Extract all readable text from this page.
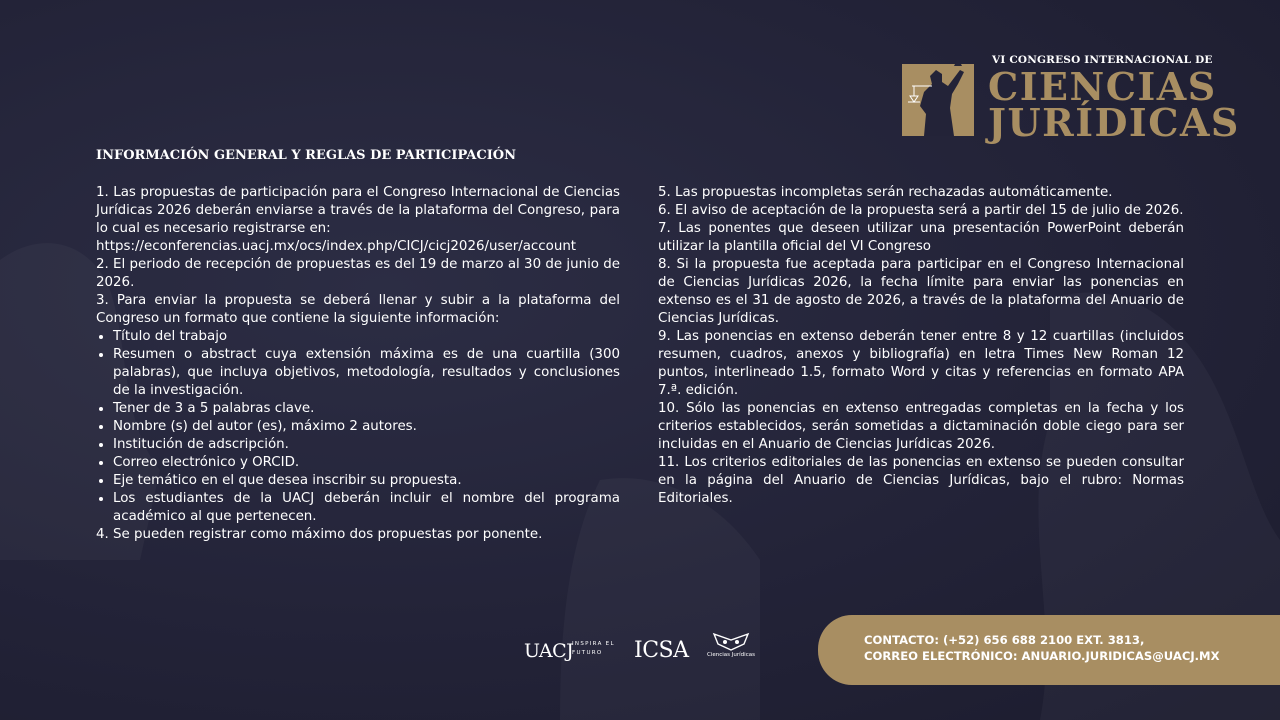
VI CONGRESO INTERNACIONAL DE
CIENCIAS
JURÍDICAS
INFORMACIÓN GENERAL Y REGLAS DE PARTICIPACIÓN

1. Las propuestas de participación para el Congreso Internacional de Ciencias Jurídicas 2026 deberán enviarse a través de la plataforma del Congreso, para lo cual es necesario registrarse en:

https://econferencias.uacj.mx/ocs/index.php/CICJ/cicj2026/user/account

2. El periodo de recepción de propuestas es del 19 de marzo al 30 de junio de 2026.

3. Para enviar la propuesta se deberá llenar y subir a la plataforma del Congreso un formato que contiene la siguiente información:

• Título del trabajo
• Resumen o abstract cuya extensión máxima es de una cuartilla (300 palabras), que incluya objetivos, metodología, resultados y conclusiones de la investigación.
• Tener de 3 a 5 palabras clave.
• Nombre (s) del autor (es), máximo 2 autores.
• Institución de adscripción.
• Correo electrónico y ORCID.
• Eje temático en el que desea inscribir su propuesta.
• Los estudiantes de la UACJ deberán incluir el nombre del programa académico al que pertenecen.

4. Se pueden registrar como máximo dos propuestas por ponente.

5. Las propuestas incompletas serán rechazadas automáticamente.

6. El aviso de aceptación de la propuesta será a partir del 15 de julio de 2026.

7. Las ponentes que deseen utilizar una presentación PowerPoint deberán utilizar la plantilla oficial del VI Congreso

8. Si la propuesta fue aceptada para participar en el Congreso Internacional de Ciencias Jurídicas 2026, la fecha límite para enviar las ponencias en extenso es el 31 de agosto de 2026, a través de la plataforma del Anuario de Ciencias Jurídicas.

9. Las ponencias en extenso deberán tener entre 8 y 12 cuartillas (incluidos resumen, cuadros, anexos y bibliografía) en letra Times New Roman 12 puntos, interlineado 1.5, formato Word y citas y referencias en formato APA 7.ª. edición.

10. Sólo las ponencias en extenso entregadas completas en la fecha y los criterios establecidos, serán sometidas a dictaminación doble ciego para ser incluidas en el Anuario de Ciencias Jurídicas 2026.

11. Los criterios editoriales de las ponencias en extenso se pueden consultar en la página del Anuario de Ciencias Jurídicas, bajo el rubro: Normas Editoriales.

UACJ
INSPIRA EL
FUTURO	ICSA	Ciencias Jurídicas
CONTACTO: (+52) 656 688 2100 EXT. 3813,
CORREO ELECTRÓNICO: ANUARIO.JURIDICAS@UACJ.MX
